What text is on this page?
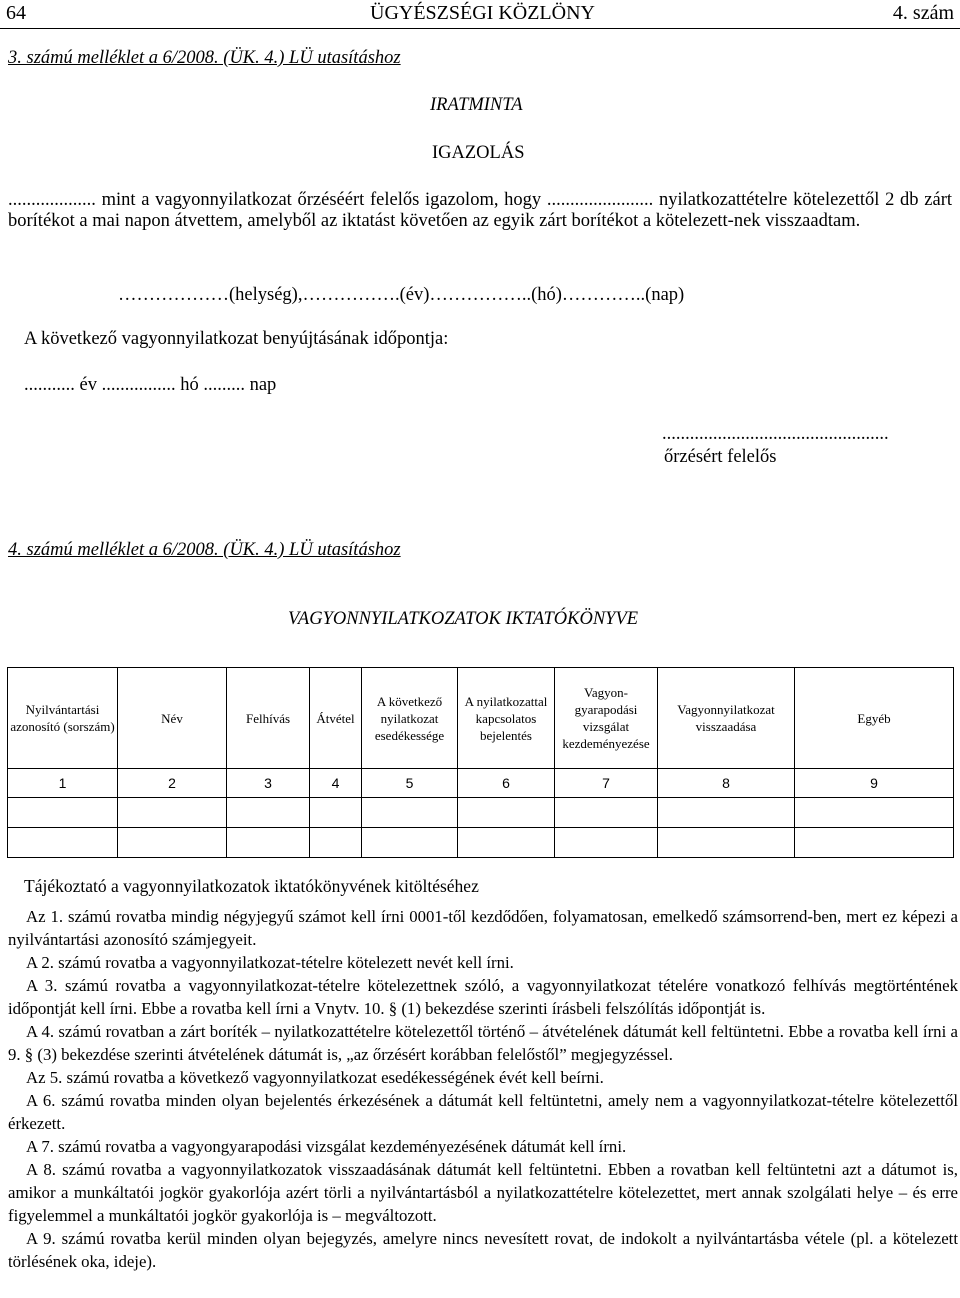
64	ÜGYÉSZSÉGI KÖZLÖNY	4. szám
3. számú melléklet a 6/2008. (ÜK. 4.) LÜ utasításhoz
IRATMINTA
IGAZOLÁS
................... mint a vagyonnyilatkozat őrzéséért felelős igazolom, hogy ....................... nyilatkozattételre kötelezettől 2 db zárt borítékot a mai napon átvettem, amelyből az iktatást követően az egyik zárt borítékot a kötelezett-nek visszaadtam.
………………(helység),…………….(év)……………..(hó)…………..(nap)
A következő vagyonnyilatkozat benyújtásának időpontja:
........... év ................ hó ......... nap
.................................................
őrzésért felelős
4. számú melléklet a 6/2008. (ÜK. 4.) LÜ utasításhoz
VAGYONNYILATKOZATOK IKTATÓKÖNYVE
Nyilvántartási azonosító (sorszám)	Név	Felhívás	Átvétel	A következő nyilatkozat esedékessége	A nyilatkozattal kapcsolatos bejelentés	Vagyon-gyarapodási vizsgálat kezdeményezése	Vagyonnyilatkozat visszaadása	Egyéb
1	2	3	4	5	6	7	8	9

Tájékoztató a vagyonnyilatkozatok iktatókönyvének kitöltéséhez

Az 1. számú rovatba mindig négyjegyű számot kell írni 0001-től kezdődően, folyamatosan, emelkedő számsorrend-ben, mert ez képezi a nyilvántartási azonosító számjegyeit.

A 2. számú rovatba a vagyonnyilatkozat-tételre kötelezett nevét kell írni.

A 3. számú rovatba a vagyonnyilatkozat-tételre kötelezettnek szóló, a vagyonnyilatkozat tételére vonatkozó felhívás megtörténtének időpontját kell írni. Ebbe a rovatba kell írni a Vnytv. 10. § (1) bekezdése szerinti írásbeli felszólítás időpontját is.

A 4. számú rovatban a zárt boríték – nyilatkozattételre kötelezettől történő – átvételének dátumát kell feltüntetni. Ebbe a rovatba kell írni a 9. § (3) bekezdése szerinti átvételének dátumát is, „az őrzésért korábban felelőstől” megjegyzéssel.

Az 5. számú rovatba a következő vagyonnyilatkozat esedékességének évét kell beírni.

A 6. számú rovatba minden olyan bejelentés érkezésének a dátumát kell feltüntetni, amely nem a vagyonnyilatkozat-tételre kötelezettől érkezett.

A 7. számú rovatba a vagyongyarapodási vizsgálat kezdeményezésének dátumát kell írni.

A 8. számú rovatba a vagyonnyilatkozatok visszaadásának dátumát kell feltüntetni. Ebben a rovatban kell feltüntetni azt a dátumot is, amikor a munkáltatói jogkör gyakorlója azért törli a nyilvántartásból a nyilatkozattételre kötelezettet, mert annak szolgálati helye – és erre figyelemmel a munkáltatói jogkör gyakorlója is – megváltozott.

A 9. számú rovatba kerül minden olyan bejegyzés, amelyre nincs nevesített rovat, de indokolt a nyilvántartásba vétele (pl. a kötelezett törlésének oka, ideje).
